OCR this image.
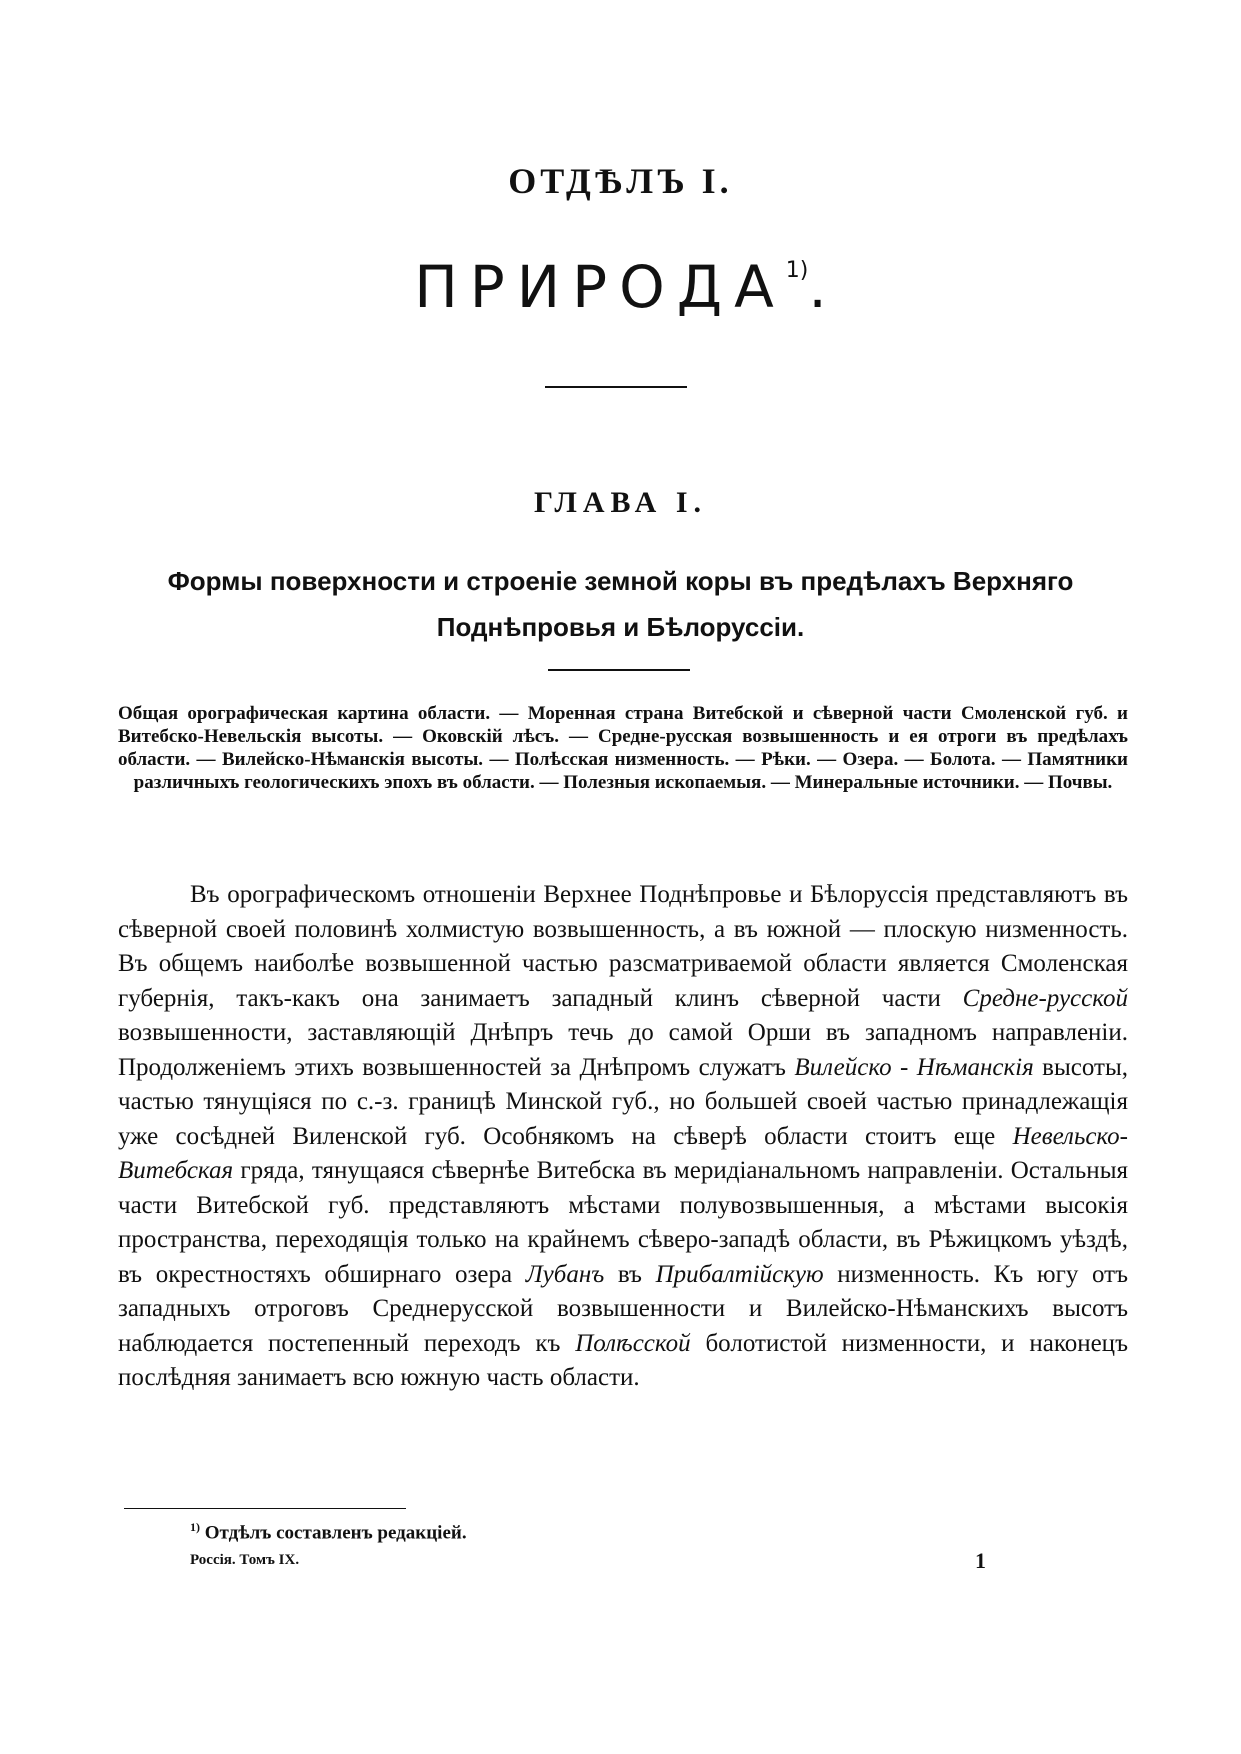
ОТДѢЛЪ I.
ПРИРОДА$^{1)}$.
ГЛАВА I.
Формы поверхности и строеніе земной коры въ предѣлахъ Верхняго Поднѣпровья и Бѣлоруссіи.
Общая орографическая картина области. — Моренная страна Витебской и сѣверной части Смоленской губ. и Витебско-Невельскія высоты. — Оковскій лѣсъ. — Средне-русская возвышенность и ея отроги въ предѣлахъ области. — Вилейско-Нѣманскія высоты. — Полѣсская низменность. — Рѣки. — Озера. — Болота. — Памятники различныхъ геологическихъ эпохъ въ области. — Полезныя ископаемыя. — Минеральные источники. — Почвы.

Въ орографическомъ отношеніи Верхнее Поднѣпровье и Бѣлоруссія представляютъ въ сѣверной своей половинѣ холмистую возвышенность, а въ южной — плоскую низменность. Въ общемъ наиболѣе возвышенной частью разсматриваемой области является Смоленская губернія, такъ-какъ она занимаетъ западный клинъ сѣверной части Средне-русской возвышенности, заставляющій Днѣпръ течь до самой Орши въ западномъ направленіи. Продолженіемъ этихъ возвышенностей за Днѣпромъ служатъ Вилейско - Нѣманскія высоты, частью тянущіяся по с.-з. границѣ Минской губ., но большей своей частью принадлежащія уже сосѣдней Виленской губ. Особнякомъ на сѣверѣ области стоитъ еще Невельско-Витебская гряда, тянущаяся сѣвернѣе Витебска въ меридіанальномъ направленіи. Остальныя части Витебской губ. представляютъ мѣстами полувозвышенныя, а мѣстами высокія пространства, переходящія только на крайнемъ сѣверо-западѣ области, въ Рѣжицкомъ уѣздѣ, въ окрестностяхъ обширнаго озера Лубанъ въ Прибалтійскую низменность. Къ югу отъ западныхъ отроговъ Среднерусской возвышенности и Вилейско-Нѣманскихъ высотъ наблюдается постепенный переходъ къ Полѣсской болотистой низменности, и наконецъ послѣдняя занимаетъ всю южную часть области.

$^{1)}$ Отдѣлъ составленъ редакціей.
Россія. Томъ IX.	1
